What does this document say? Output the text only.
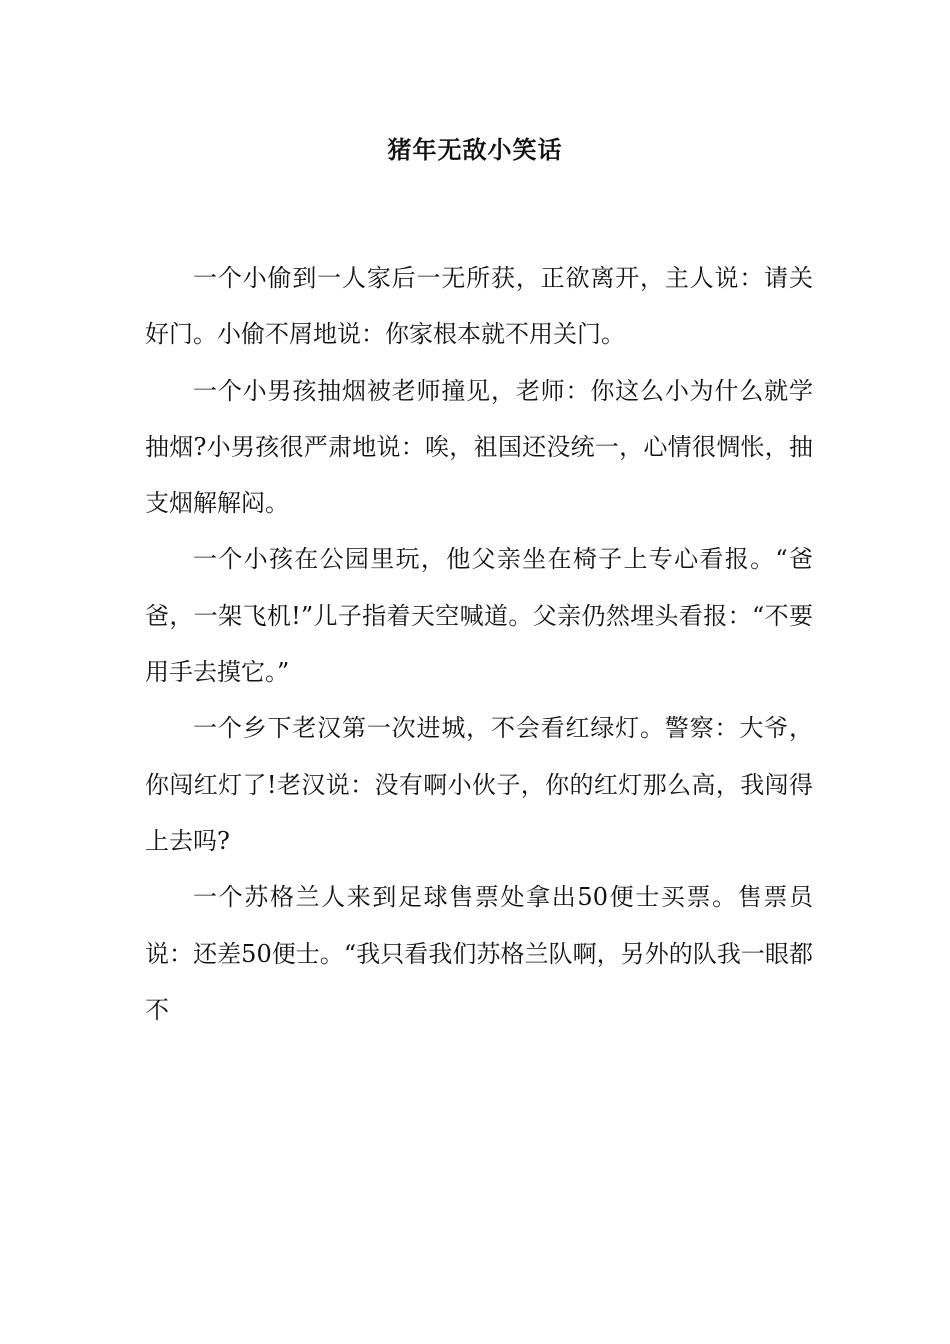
猪年无敌小笑话

一个小偷到一人家后一无所获，正欲离开，主人说：请关好门。小偷不屑地说：你家根本就不用关门。

一个小男孩抽烟被老师撞见，老师：你这么小为什么就学抽烟?小男孩很严肃地说：唉，祖国还没统一，心情很惆怅，抽支烟解解闷。

一个小孩在公园里玩，他父亲坐在椅子上专心看报。“爸爸，一架飞机!”儿子指着天空喊道。父亲仍然埋头看报：“不要用手去摸它。”

一个乡下老汉第一次进城，不会看红绿灯。警察：大爷，你闯红灯了!老汉说：没有啊小伙子，你的红灯那么高，我闯得上去吗?

一个苏格兰人来到足球售票处拿出50便士买票。售票员说：还差50便士。“我只看我们苏格兰队啊，另外的队我一眼都不
